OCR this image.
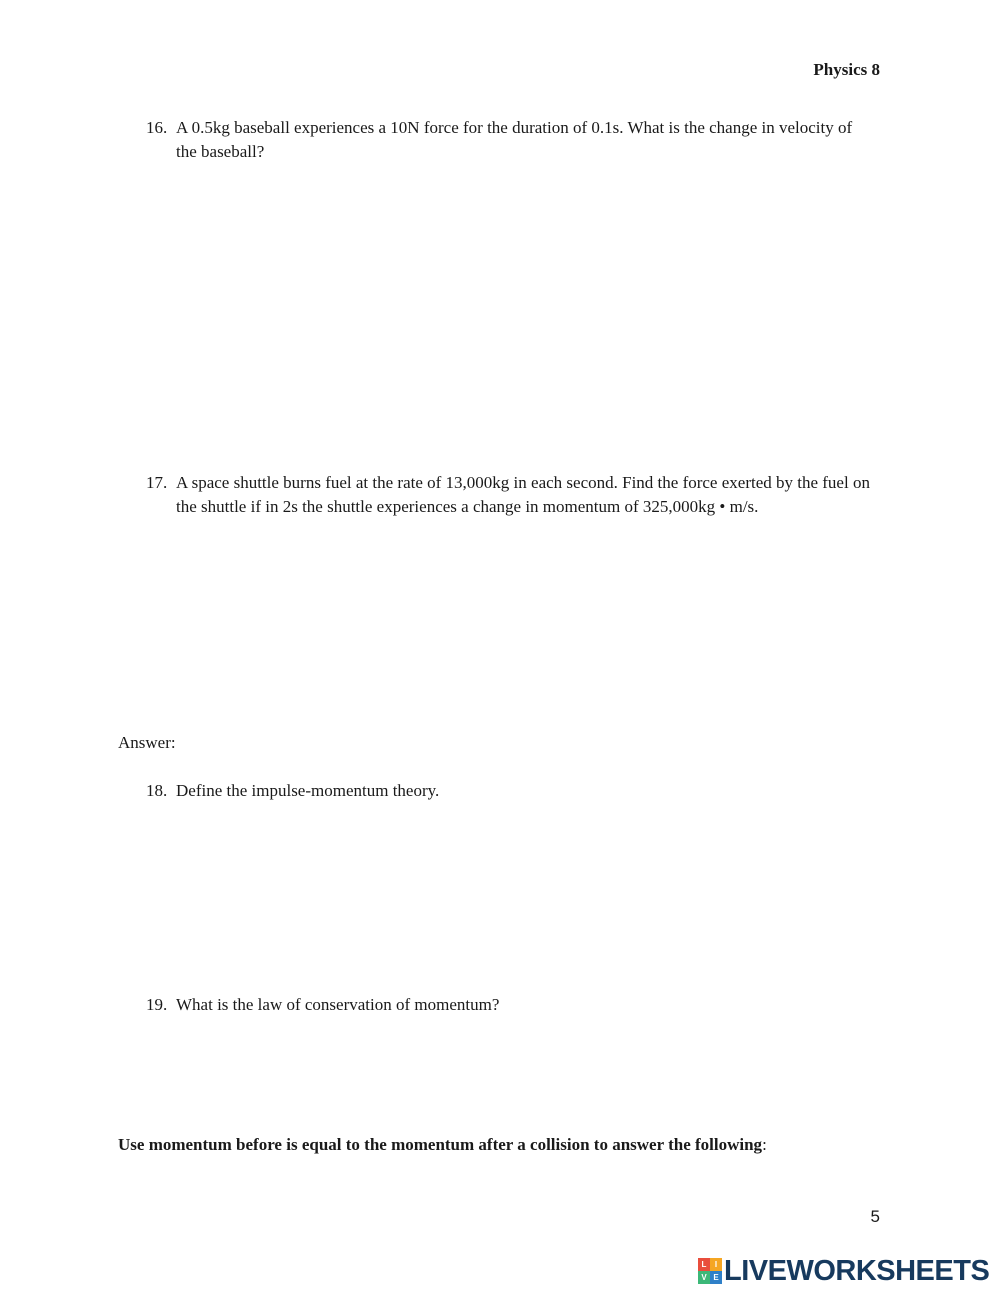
Physics 8
16. A 0.5kg baseball experiences a 10N force for the duration of 0.1s. What is the change in velocity of the baseball?
17. A space shuttle burns fuel at the rate of 13,000kg in each second. Find the force exerted by the fuel on the shuttle if in 2s the shuttle experiences a change in momentum of 325,000kg • m/s.
Answer:
18. Define the impulse-momentum theory.
19. What is the law of conservation of momentum?
Use momentum before is equal to the momentum after a collision to answer the following:
5
L	I
V E LIVEWORKSHEETS
